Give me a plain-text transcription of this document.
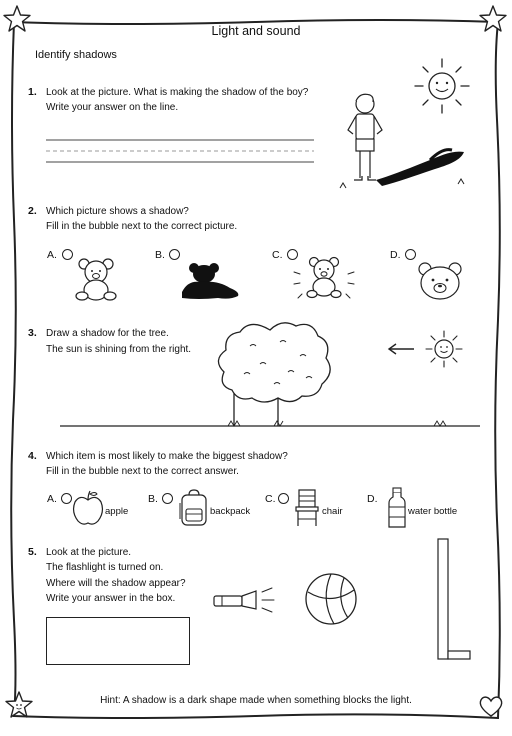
Light and sound
Identify shadows
1. Look at the picture. What is making the shadow of the boy?
Write your answer on the line.
2. Which picture shows a shadow?
Fill in the bubble next to the correct picture.
A.	B.	C.	D.
3. Draw a shadow for the tree.
The sun is shining from the right.
4. Which item is most likely to make the biggest shadow?
Fill in the bubble next to the correct answer.
A.
apple
B.
backpack
C.
chair
D.
water bottle
5. Look at the picture.
The flashlight is turned on.
Where will the shadow appear?
Write your answer in the box.
Hint: A shadow is a dark shape made when something blocks the light.
